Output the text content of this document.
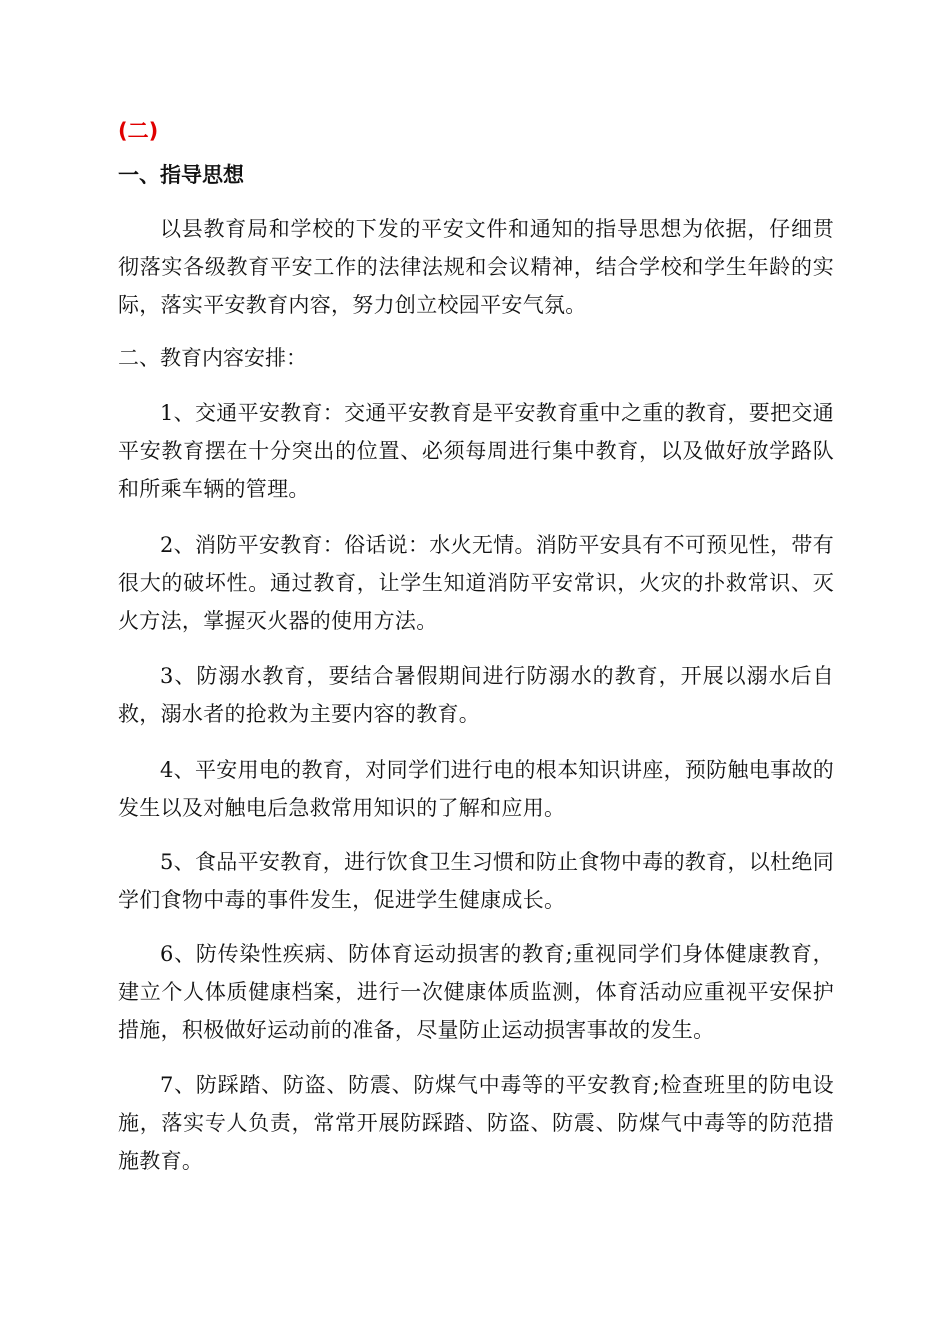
(二)
一、指导思想

以县教育局和学校的下发的平安文件和通知的指导思想为依据，仔细贯彻落实各级教育平安工作的法律法规和会议精神，结合学校和学生年龄的实际，落实平安教育内容，努力创立校园平安气氛。

二、教育内容安排：

1、交通平安教育：交通平安教育是平安教育重中之重的教育，要把交通平安教育摆在十分突出的位置、必须每周进行集中教育，以及做好放学路队和所乘车辆的管理。

2、消防平安教育：俗话说：水火无情。消防平安具有不可预见性，带有很大的破坏性。通过教育，让学生知道消防平安常识，火灾的扑救常识、灭火方法，掌握灭火器的使用方法。

3、防溺水教育，要结合暑假期间进行防溺水的教育，开展以溺水后自救，溺水者的抢救为主要内容的教育。

4、平安用电的教育，对同学们进行电的根本知识讲座，预防触电事故的发生以及对触电后急救常用知识的了解和应用。

5、食品平安教育，进行饮食卫生习惯和防止食物中毒的教育，以杜绝同学们食物中毒的事件发生，促进学生健康成长。

6、防传染性疾病、防体育运动损害的教育;重视同学们身体健康教育，建立个人体质健康档案，进行一次健康体质监测，体育活动应重视平安保护措施，积极做好运动前的准备，尽量防止运动损害事故的发生。

7、防踩踏、防盗、防震、防煤气中毒等的平安教育;检查班里的防电设施，落实专人负责，常常开展防踩踏、防盗、防震、防煤气中毒等的防范措施教育。
